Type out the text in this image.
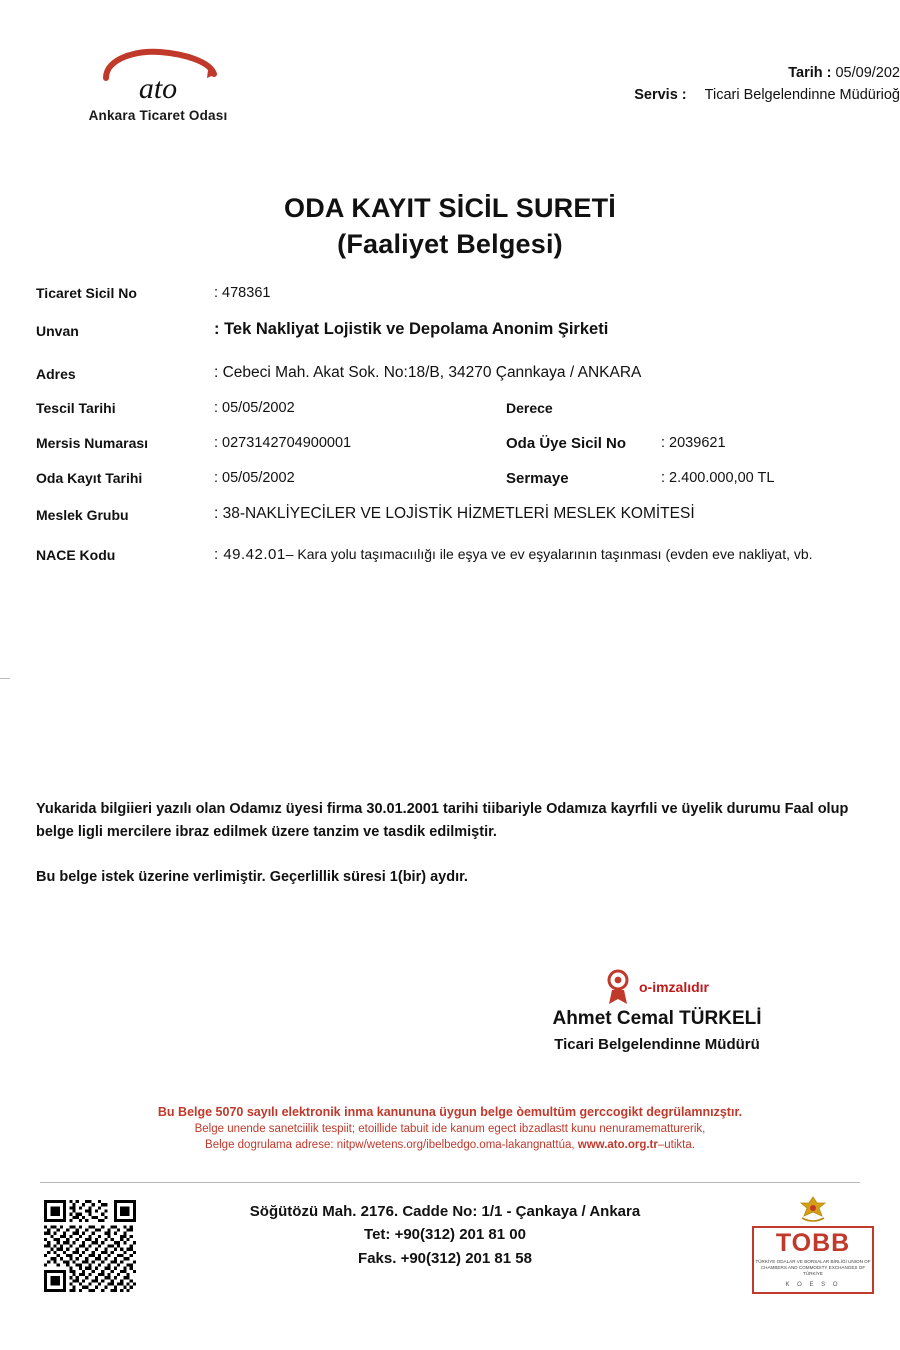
ato
Ankara Ticaret Odası
Tarih : 05/09/202
Servis : Ticari Belgelendinne Müdürioğ
ODA KAYIT SİCİL SURETİ
(Faaliyet Belgesi)
Ticaret Sicil No	: 478361
Unvan	: Tek Nakliyat Lojistik ve Depolama Anonim Şirketi
Adres	: Cebeci Mah. Akat Sok. No:18/B, 34270 Çannkaya / ANKARA
Tescil Tarihi	: 05/05/2002	Derece
Mersis Numarası	: 0273142704900001	Oda Üye Sicil No : 2039621
Oda Kayıt Tarihi	: 05/05/2002	Sermaye	: 2.400.000,00 TL
Meslek Grubu	: 38-NAKLİYECİLER VE LOJİSTİK HİZMETLERİ MESLEK KOMİTESİ
NACE Kodu	: 49.42.01– Kara yolu taşımacıılığı ile eşya ve ev eşyalarının taşınması (evden eve nakliyat, vb.
Yukarida bilgiieri yazılı olan Odamız üyesi firma 30.01.2001 tarihi tiibariyle Odamıza kayrfıli ve üyelik durumu Faal olup belge ligli mercilere ibraz edilmek üzere tanzim ve tasdik edilmiştir.
Bu belge istek üzerine verlimiştir. Geçerlillik süresi 1(bir) aydır.
o-imzalıdır
Ahmet Cemal TÜRKELİ
Ticari Belgelendinne Müdürü
Bu Belge 5070 sayılı elektronik inma kanununa üygun belge òemultüm gerccogikt degrülamnızştır.
Belge unende sanetciilik tespiit; etoillide tabuit ide kanum egect ibzadlastt kunu nenuramematturerik,
Belge dogrulama adrese: nitpw/wetens.org/ibelbedgo.oma-lakangnattúa, www.ato.org.tr–utikta.
Söğütözü Mah. 2176. Cadde No: 1/1 - Çankaya / Ankara
Tet: +90(312) 201 81 00
Faks. +90(312) 201 81 58
TOBB
TÜRKİYE ODALAR VE BORSALAR BİRLİĞİ UNION OF CHAMBERS AND COMMODITY EXCHANGES OF TÜRKİYE
K O E S O
